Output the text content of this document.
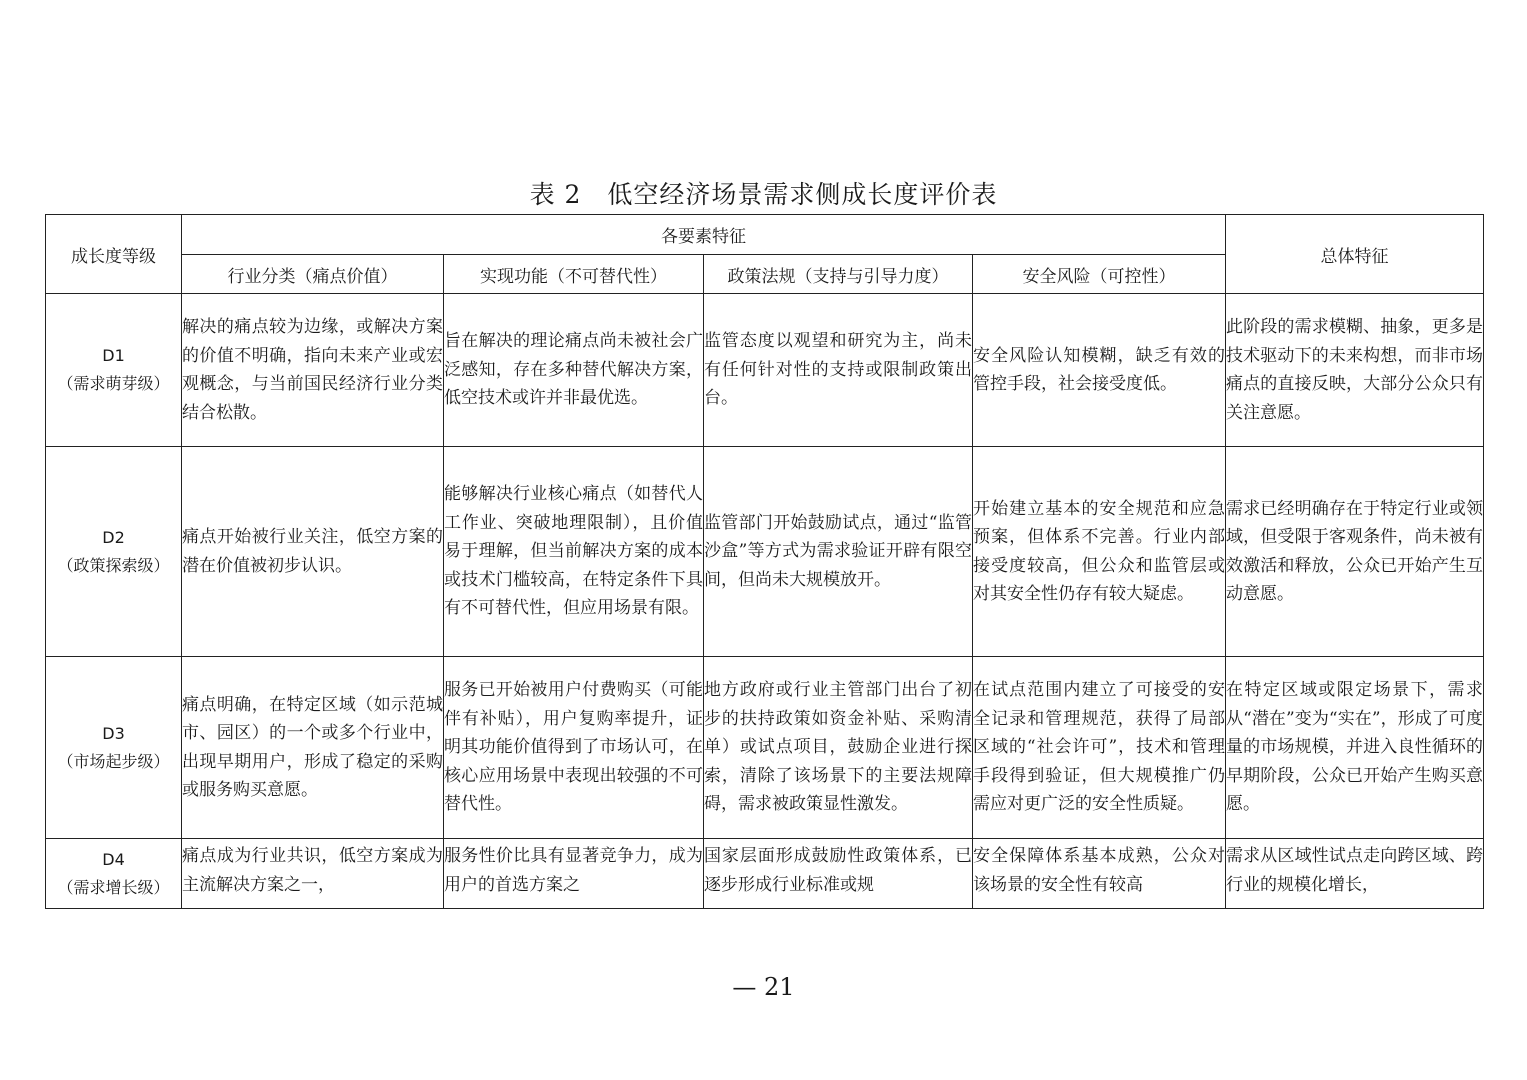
表 2　低空经济场景需求侧成长度评价表
成长度等级	各要素特征				总体特征
	行业分类（痛点价值）	实现功能（不可替代性）	政策法规（支持与引导力度）	安全风险（可控性）	

D1
（需求萌芽级）	解决的痛点较为边缘，或解决方案的价值不明确，指向未来产业或宏观概念，与当前国民经济行业分类结合松散。	旨在解决的理论痛点尚未被社会广泛感知，存在多种替代解决方案，低空技术或许并非最优选。	监管态度以观望和研究为主，尚未有任何针对性的支持或限制政策出台。	安全风险认知模糊，缺乏有效的管控手段，社会接受度低。	此阶段的需求模糊、抽象，更多是技术驱动下的未来构想，而非市场痛点的直接反映，大部分公众只有关注意愿。

D2
（政策探索级）	痛点开始被行业关注，低空方案的潜在价值被初步认识。	能够解决行业核心痛点（如替代人工作业、突破地理限制），且价值易于理解，但当前解决方案的成本或技术门槛较高，在特定条件下具有不可替代性，但应用场景有限。	监管部门开始鼓励试点，通过“监管沙盒”等方式为需求验证开辟有限空间，但尚未大规模放开。	开始建立基本的安全规范和应急预案，但体系不完善。行业内部接受度较高，但公众和监管层或对其安全性仍存有较大疑虑。	需求已经明确存在于特定行业或领域，但受限于客观条件，尚未被有效激活和释放，公众已开始产生互动意愿。

D3
（市场起步级）	痛点明确，在特定区域（如示范城市、园区）的一个或多个行业中，出现早期用户，形成了稳定的采购或服务购买意愿。	服务已开始被用户付费购买（可能伴有补贴），用户复购率提升，证明其功能价值得到了市场认可，在核心应用场景中表现出较强的不可替代性。	地方政府或行业主管部门出台了初步的扶持政策如资金补贴、采购清单）或试点项目，鼓励企业进行探索，清除了该场景下的主要法规障碍，需求被政策显性激发。	在试点范围内建立了可接受的安全记录和管理规范，获得了局部区域的“社会许可”，技术和管理手段得到验证，但大规模推广仍需应对更广泛的安全性质疑。	在特定区域或限定场景下，需求从“潜在”变为“实在”，形成了可度量的市场规模，并进入良性循环的早期阶段，公众已开始产生购买意愿。

D4
（需求增长级）	痛点成为行业共识，低空方案成为主流解决方案之一，	服务性价比具有显著竞争力，成为用户的首选方案之	国家层面形成鼓励性政策体系，已逐步形成行业标准或规	安全保障体系基本成熟，公众对该场景的安全性有较高	需求从区域性试点走向跨区域、跨行业的规模化增长，
— 21
